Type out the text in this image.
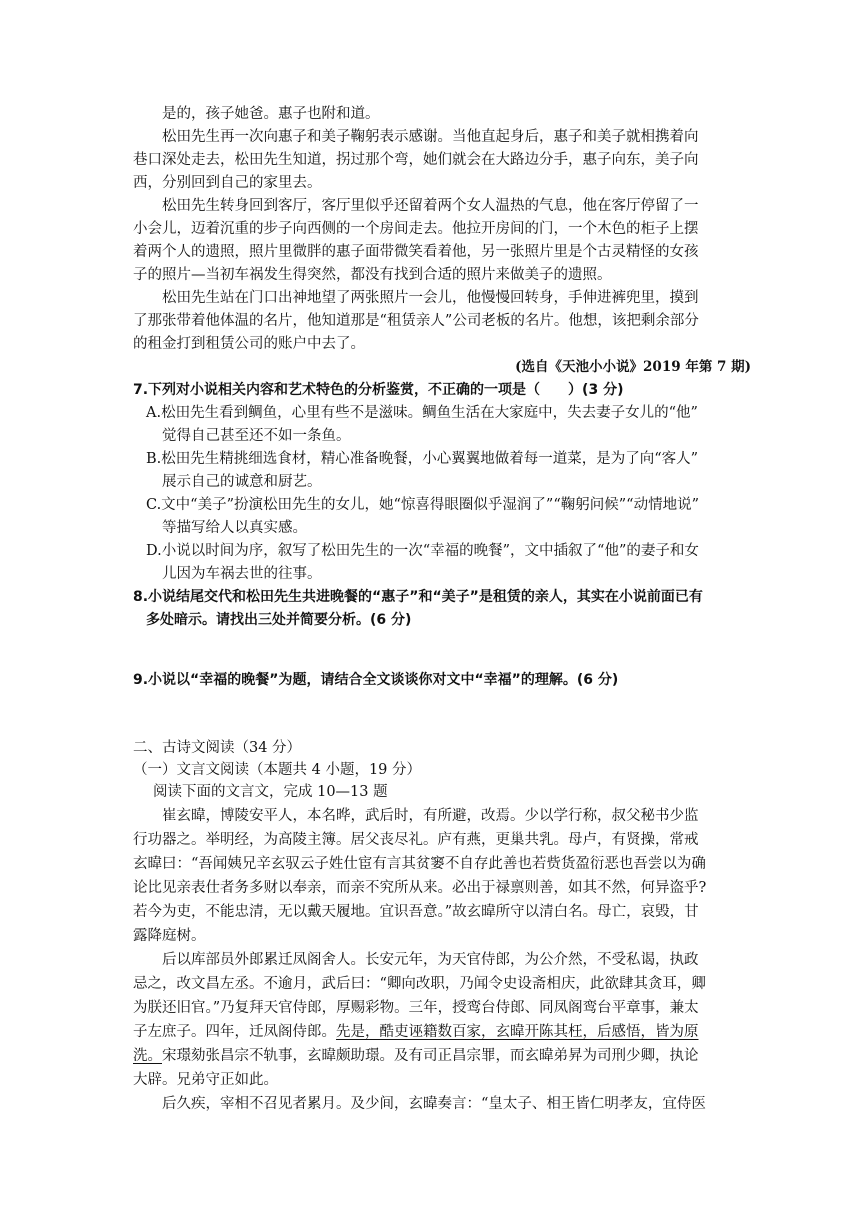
是的，孩子她爸。惠子也附和道。
松田先生再一次向惠子和美子鞠躬表示感谢。当他直起身后，惠子和美子就相携着向
巷口深处走去，松田先生知道，拐过那个弯，她们就会在大路边分手，惠子向东，美子向
西，分别回到自己的家里去。
松田先生转身回到客厅，客厅里似乎还留着两个女人温热的气息，他在客厅停留了一
小会儿，迈着沉重的步子向西侧的一个房间走去。他拉开房间的门，一个木色的柜子上摆
着两个人的遗照，照片里微胖的惠子面带微笑看着他，另一张照片里是个古灵精怪的女孩
子的照片—当初车祸发生得突然，都没有找到合适的照片来做美子的遗照。
松田先生站在门口出神地望了两张照片一会儿，他慢慢回转身，手伸进裤兜里，摸到
了那张带着他体温的名片，他知道那是“租赁亲人”公司老板的名片。他想，该把剩余部分
的租金打到租赁公司的账户中去了。
(选自《天池小小说》2019 年第 7 期)
7.下列对小说相关内容和艺术特色的分析鉴赏，不正确的一项是（　　）(3 分)
A.松田先生看到鲷鱼，心里有些不是滋味。鲷鱼生活在大家庭中，失去妻子女儿的“他”
觉得自己甚至还不如一条鱼。
B.松田先生精挑细选食材，精心准备晚餐，小心翼翼地做着每一道菜，是为了向“客人”
展示自己的诚意和厨艺。
C.文中“美子”扮演松田先生的女儿，她“惊喜得眼圈似乎湿润了”“鞠躬问候”“动情地说”
等描写给人以真实感。
D.小说以时间为序，叙写了松田先生的一次“幸福的晚餐”，文中插叙了“他”的妻子和女
儿因为车祸去世的往事。
8.小说结尾交代和松田先生共进晚餐的“惠子”和“美子”是租赁的亲人，其实在小说前面已有
多处暗示。请找出三处并简要分析。(6 分)
9.小说以“幸福的晚餐”为题，请结合全文谈谈你对文中“幸福”的理解。(6 分)
二、古诗文阅读（34 分）
（一）文言文阅读（本题共 4 小题，19 分）
阅读下面的文言文，完成 10—13 题
崔玄暐，博陵安平人，本名晔，武后时，有所避，改焉。少以学行称，叔父秘书少监
行功器之。举明经，为高陵主簿。居父丧尽礼。庐有燕，更巢共乳。母卢，有贤操，常戒
玄暐曰：“吾闻姨兄辛玄驭云子姓仕宦有言其贫窭不自存此善也若赀货盈衍恶也吾尝以为确
论比见亲表仕者务多财以奉亲，而亲不究所从来。必出于禄禀则善，如其不然，何异盗乎?
若今为吏，不能忠清，无以戴天履地。宜识吾意。”故玄暐所守以清白名。母亡，哀毁，甘
露降庭树。
后以库部员外郎累迁凤阁舍人。长安元年，为天官侍郎，为公介然，不受私谒，执政
忌之，改文昌左丞。不逾月，武后曰：“卿向改职，乃闻令史设斋相庆，此欲肆其贪耳，卿
为朕还旧官。”乃复拜天官侍郎，厚赐彩物。三年，授鸾台侍郎、同凤阁鸾台平章事，兼太
子左庶子。四年，迁凤阁侍郎。先是，酷吏诬籍数百家，玄暐开陈其枉，后感悟，皆为原
洗。宋璟劾张昌宗不轨事，玄暐颇助璟。及有司正昌宗罪，而玄暐弟昇为司刑少卿，执论
大辟。兄弟守正如此。
后久疾，宰相不召见者累月。及少间，玄暐奏言：“皇太子、相王皆仁明孝友，宜侍医
